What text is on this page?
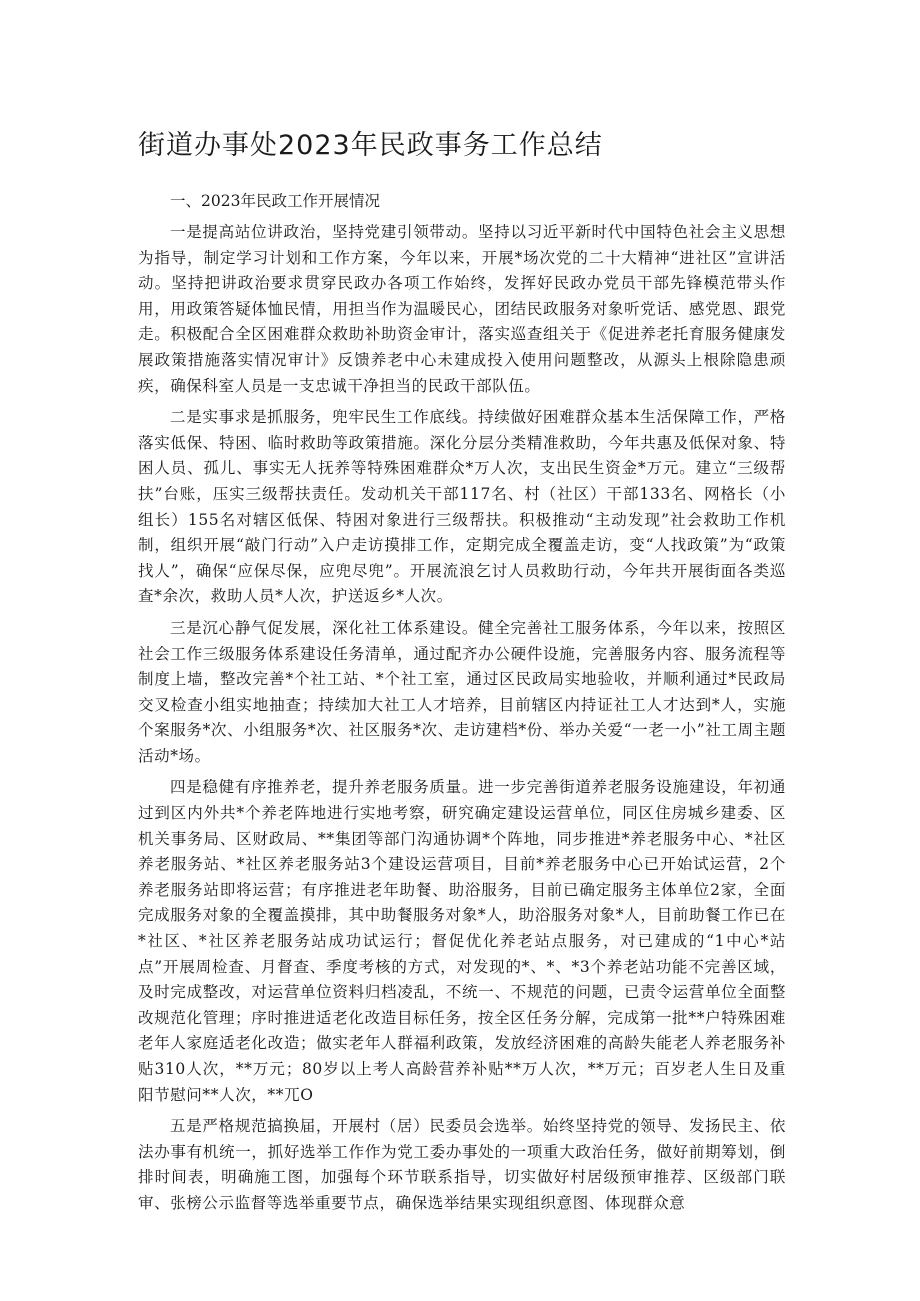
街道办事处2023年民政事务工作总结

一、2023年民政工作开展情况

一是提高站位讲政治，坚持党建引领带动。坚持以习近平新时代中国特色社会主义思想为指导，制定学习计划和工作方案，今年以来，开展*场次党的二十大精神“进社区”宣讲活动。坚持把讲政治要求贯穿民政办各项工作始终，发挥好民政办党员干部先锋模范带头作用，用政策答疑体恤民情，用担当作为温暖民心，团结民政服务对象听党话、感党恩、跟党走。积极配合全区困难群众救助补助资金审计，落实巡查组关于《促进养老托育服务健康发展政策措施落实情况审计》反馈养老中心未建成投入使用问题整改，从源头上根除隐患顽疾，确保科室人员是一支忠诚干净担当的民政干部队伍。

二是实事求是抓服务，兜牢民生工作底线。持续做好困难群众基本生活保障工作，严格落实低保、特困、临时救助等政策措施。深化分层分类精准救助，今年共惠及低保对象、特困人员、孤儿、事实无人抚养等特殊困难群众*万人次，支出民生资金*万元。建立“三级帮扶”台账，压实三级帮扶责任。发动机关干部117名、村（社区）干部133名、网格长（小组长）155名对辖区低保、特困对象进行三级帮扶。积极推动“主动发现”社会救助工作机制，组织开展“敲门行动”入户走访摸排工作，定期完成全覆盖走访，变“人找政策”为“政策找人”，确保“应保尽保，应兜尽兜”。开展流浪乞讨人员救助行动，今年共开展街面各类巡查*余次，救助人员*人次，护送返乡*人次。

三是沉心静气促发展，深化社工体系建设。健全完善社工服务体系，今年以来，按照区社会工作三级服务体系建设任务清单，通过配齐办公硬件设施，完善服务内容、服务流程等制度上墙，整改完善*个社工站、*个社工室，通过区民政局实地验收，并顺利通过*民政局交叉检查小组实地抽查；持续加大社工人才培养，目前辖区内持证社工人才达到*人，实施个案服务*次、小组服务*次、社区服务*次、走访建档*份、举办关爱“一老一小”社工周主题活动*场。

四是稳健有序推养老，提升养老服务质量。进一步完善街道养老服务设施建设，年初通过到区内外共*个养老阵地进行实地考察，研究确定建设运营单位，同区住房城乡建委、区机关事务局、区财政局、**集团等部门沟通协调*个阵地，同步推进*养老服务中心、*社区养老服务站、*社区养老服务站3个建设运营项目，目前*养老服务中心已开始试运营，2个养老服务站即将运营；有序推进老年助餐、助浴服务，目前已确定服务主体单位2家，全面完成服务对象的全覆盖摸排，其中助餐服务对象*人，助浴服务对象*人，目前助餐工作已在*社区、*社区养老服务站成功试运行；督促优化养老站点服务，对已建成的“1中心*站点”开展周检查、月督查、季度考核的方式，对发现的*、*、*3个养老站功能不完善区域，及时完成整改，对运营单位资料归档凌乱，不统一、不规范的问题，已责令运营单位全面整改规范化管理；序时推进适老化改造目标任务，按全区任务分解，完成第一批**户特殊困难老年人家庭适老化改造；做实老年人群福利政策，发放经济困难的高龄失能老人养老服务补贴310人次，**万元；80岁以上考人高龄营养补贴**万人次，**万元；百岁老人生日及重阳节慰问**人次，**兀O

五是严格规范搞换届，开展村（居）民委员会选举。始终坚持党的领导、发扬民主、依法办事有机统一，抓好选举工作作为党工委办事处的一项重大政治任务，做好前期筹划，倒排时间表，明确施工图，加强每个环节联系指导，切实做好村居级预审推荐、区级部门联审、张榜公示监督等选举重要节点，确保选举结果实现组织意图、体现群众意
